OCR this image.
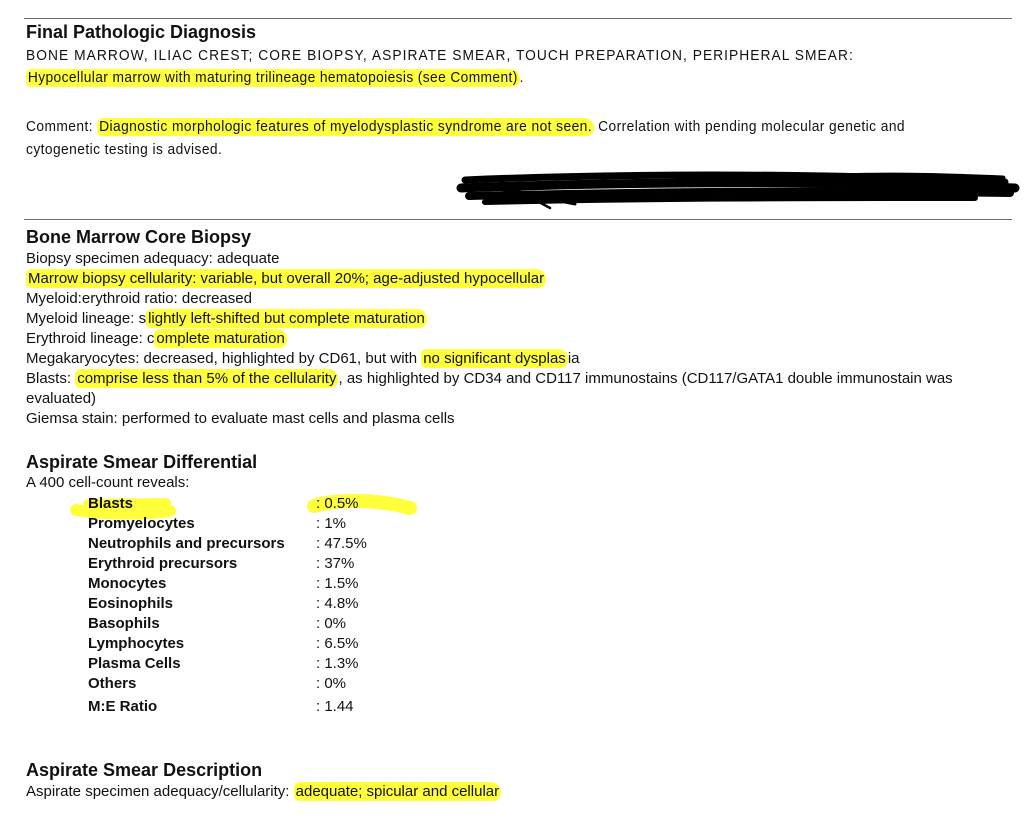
Final Pathologic Diagnosis
BONE MARROW, ILIAC CREST; CORE BIOPSY, ASPIRATE SMEAR, TOUCH PREPARATION, PERIPHERAL SMEAR:
Hypocellular marrow with maturing trilineage hematopoiesis (see Comment) .
Comment: Diagnostic morphologic features of myelodysplastic syndrome are not seen. Correlation with pending molecular genetic and cytogenetic testing is advised.
Bone Marrow Core Biopsy
Biopsy specimen adequacy: adequate
Marrow biopsy cellularity: variable, but overall 20%; age-adjusted hypocellular
Myeloid:erythroid ratio: decreased
Myeloid lineage: s lightly left-shifted but complete maturation
Erythroid lineage: c omplete maturation
Megakaryocytes: decreased, highlighted by CD61, but with no significant dysplas ia
Blasts: comprise less than 5% of the cellularity , as highlighted by CD34 and CD117 immunostains (CD117/GATA1 double immunostain was evaluated)
Giemsa stain: performed to evaluate mast cells and plasma cells
Aspirate Smear Differential
A 400 cell-count reveals:
Blasts	: 0.5%
Promyelocytes	: 1%
Neutrophils and precursors	: 47.5%
Erythroid precursors	: 37%
Monocytes	: 1.5%
Eosinophils	: 4.8%
Basophils	: 0%
Lymphocytes	: 6.5%
Plasma Cells	: 1.3%
Others	: 0%
M:E Ratio	: 1.44
Aspirate Smear Description
Aspirate specimen adequacy/cellularity: adequate; spicular and cellular
